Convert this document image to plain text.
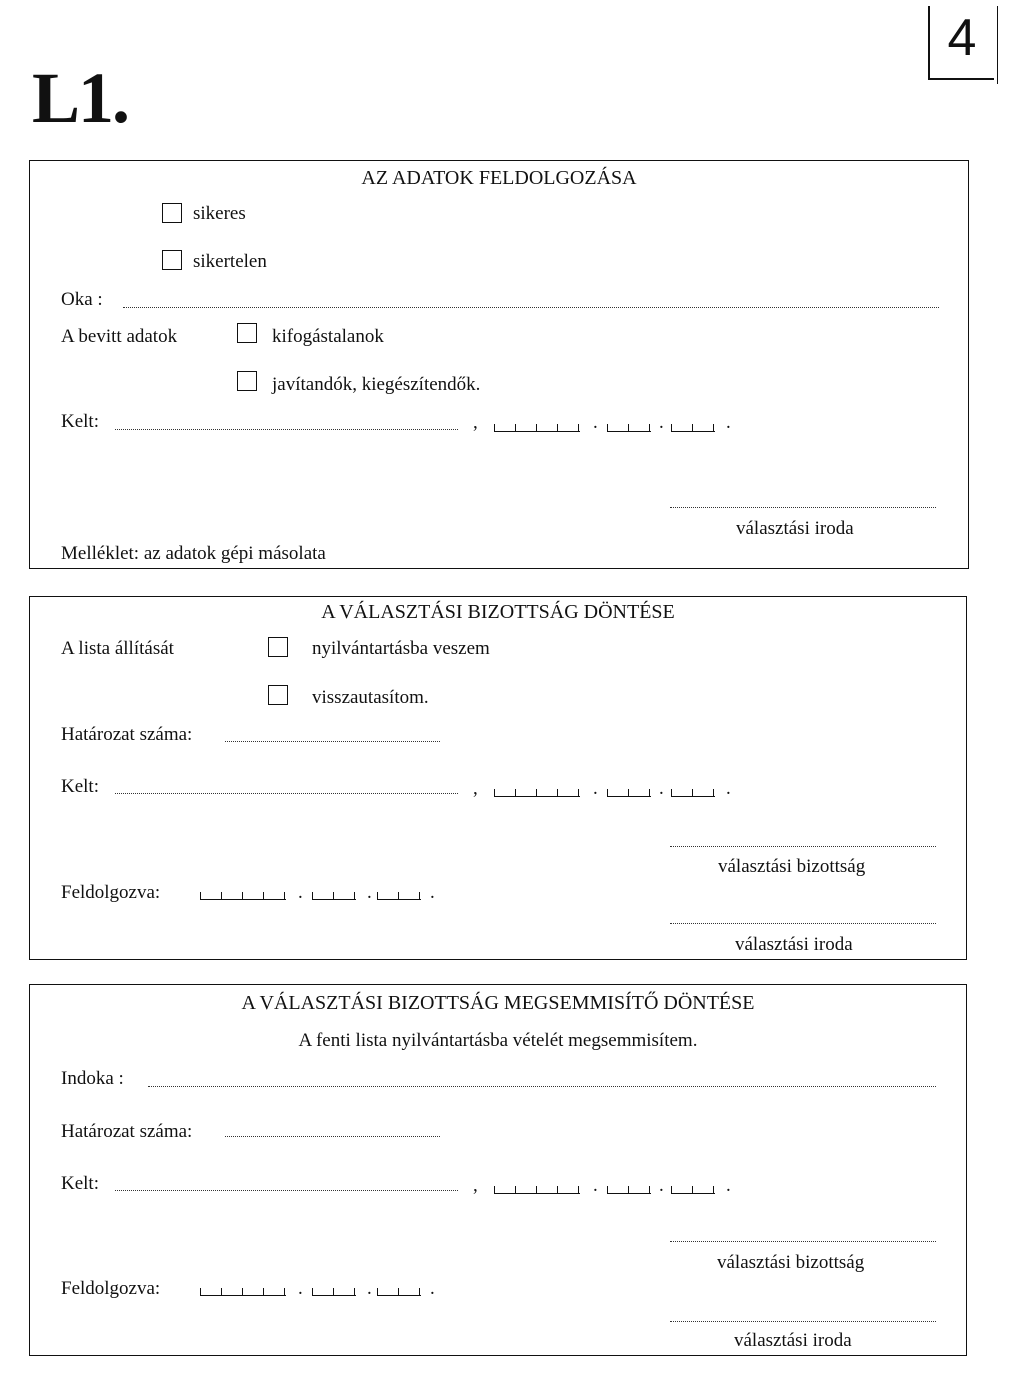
L1.
4
AZ ADATOK FELDOLGOZÁSA
sikeres
sikertelen
Oka :
A bevitt adatok	kifogástalanok
javítandók, kiegészítendők.
Kelt:	,	.	.	.
választási iroda
Melléklet: az adatok gépi másolata
A VÁLASZTÁSI BIZOTTSÁG DÖNTÉSE
A lista állítását	nyilvántartásba veszem
visszautasítom.
Határozat száma:
Kelt:	,	.	.	.
választási bizottság
Feldolgozva:	.	.	.
választási iroda
A VÁLASZTÁSI BIZOTTSÁG MEGSEMMISÍTŐ DÖNTÉSE
A fenti lista nyilvántartásba vételét megsemmisítem.
Indoka :
Határozat száma:
Kelt:	,	.	.	.
választási bizottság
Feldolgozva:	.	.	.
választási iroda
